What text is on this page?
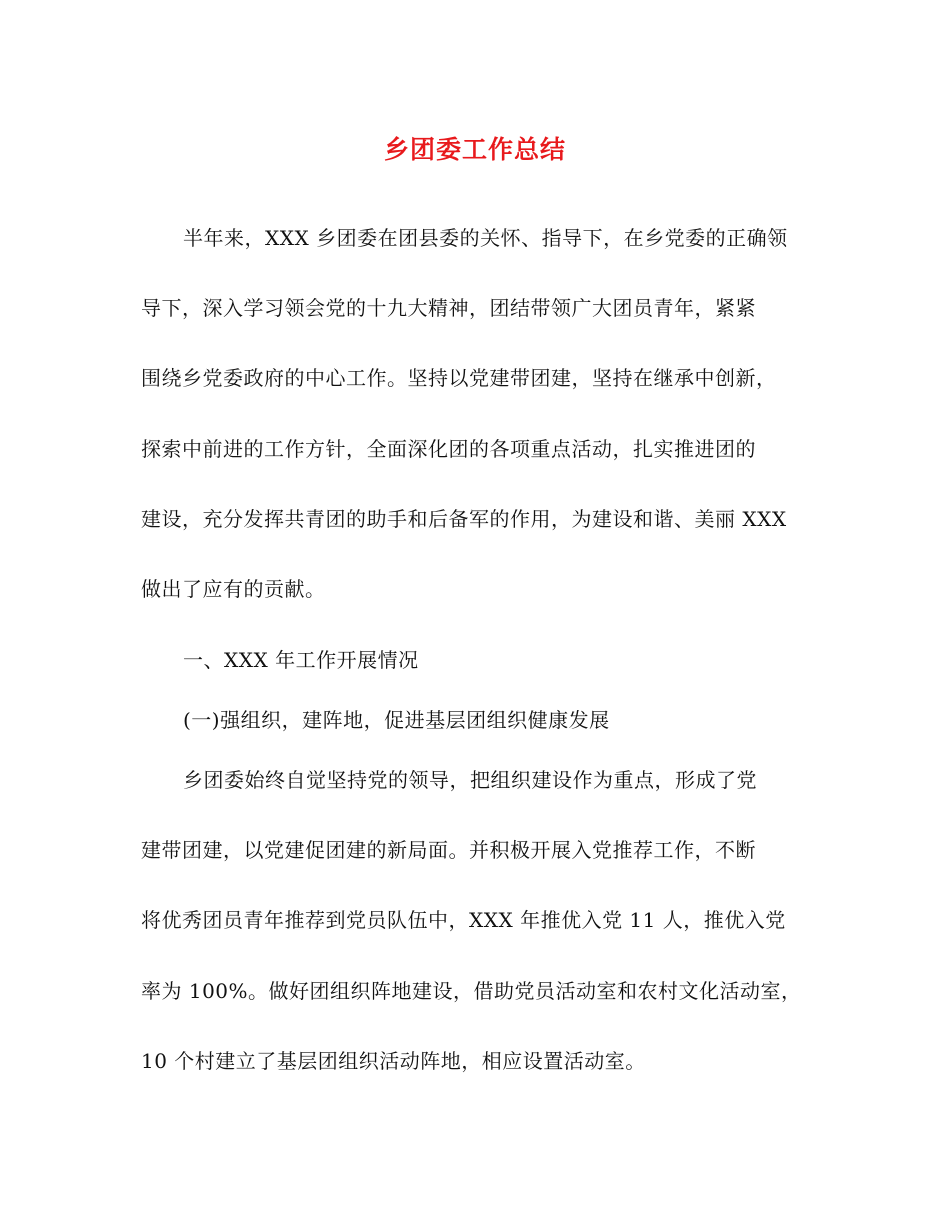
乡团委工作总结
半年来，XXX 乡团委在团县委的关怀、指导下，在乡党委的正确领
导下，深入学习领会党的十九大精神，团结带领广大团员青年，紧紧
围绕乡党委政府的中心工作。坚持以党建带团建，坚持在继承中创新，
探索中前进的工作方针，全面深化团的各项重点活动，扎实推进团的
建设，充分发挥共青团的助手和后备军的作用，为建设和谐、美丽 XXX
做出了应有的贡献。
一、XXX 年工作开展情况
(一)强组织，建阵地，促进基层团组织健康发展
乡团委始终自觉坚持党的领导，把组织建设作为重点，形成了党
建带团建，以党建促团建的新局面。并积极开展入党推荐工作，不断
将优秀团员青年推荐到党员队伍中，XXX 年推优入党 11 人，推优入党
率为 100%。做好团组织阵地建设，借助党员活动室和农村文化活动室，
10 个村建立了基层团组织活动阵地，相应设置活动室。
